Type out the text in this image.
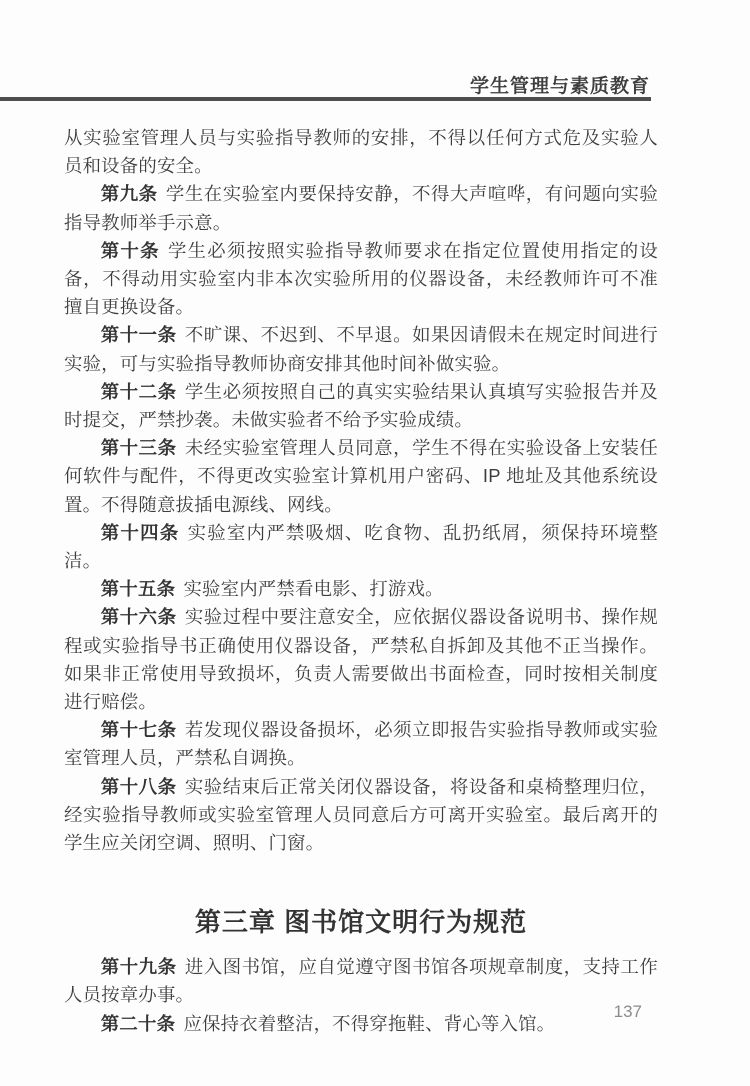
学生管理与素质教育

从实验室管理人员与实验指导教师的安排，不得以任何方式危及实验人员和设备的安全。

第九条 学生在实验室内要保持安静，不得大声喧哗，有问题向实验指导教师举手示意。

第十条 学生必须按照实验指导教师要求在指定位置使用指定的设备，不得动用实验室内非本次实验所用的仪器设备，未经教师许可不准擅自更换设备。

第十一条 不旷课、不迟到、不早退。如果因请假未在规定时间进行实验，可与实验指导教师协商安排其他时间补做实验。

第十二条 学生必须按照自己的真实实验结果认真填写实验报告并及时提交，严禁抄袭。未做实验者不给予实验成绩。

第十三条 未经实验室管理人员同意，学生不得在实验设备上安装任何软件与配件，不得更改实验室计算机用户密码、IP 地址及其他系统设置。不得随意拔插电源线、网线。

第十四条 实验室内严禁吸烟、吃食物、乱扔纸屑，须保持环境整洁。

第十五条 实验室内严禁看电影、打游戏。

第十六条 实验过程中要注意安全，应依据仪器设备说明书、操作规程或实验指导书正确使用仪器设备，严禁私自拆卸及其他不正当操作。如果非正常使用导致损坏，负责人需要做出书面检查，同时按相关制度进行赔偿。

第十七条 若发现仪器设备损坏，必须立即报告实验指导教师或实验室管理人员，严禁私自调换。

第十八条 实验结束后正常关闭仪器设备，将设备和桌椅整理归位，经实验指导教师或实验室管理人员同意后方可离开实验室。最后离开的学生应关闭空调、照明、门窗。

第三章 图书馆文明行为规范

第十九条 进入图书馆，应自觉遵守图书馆各项规章制度，支持工作人员按章办事。

第二十条 应保持衣着整洁，不得穿拖鞋、背心等入馆。

137
